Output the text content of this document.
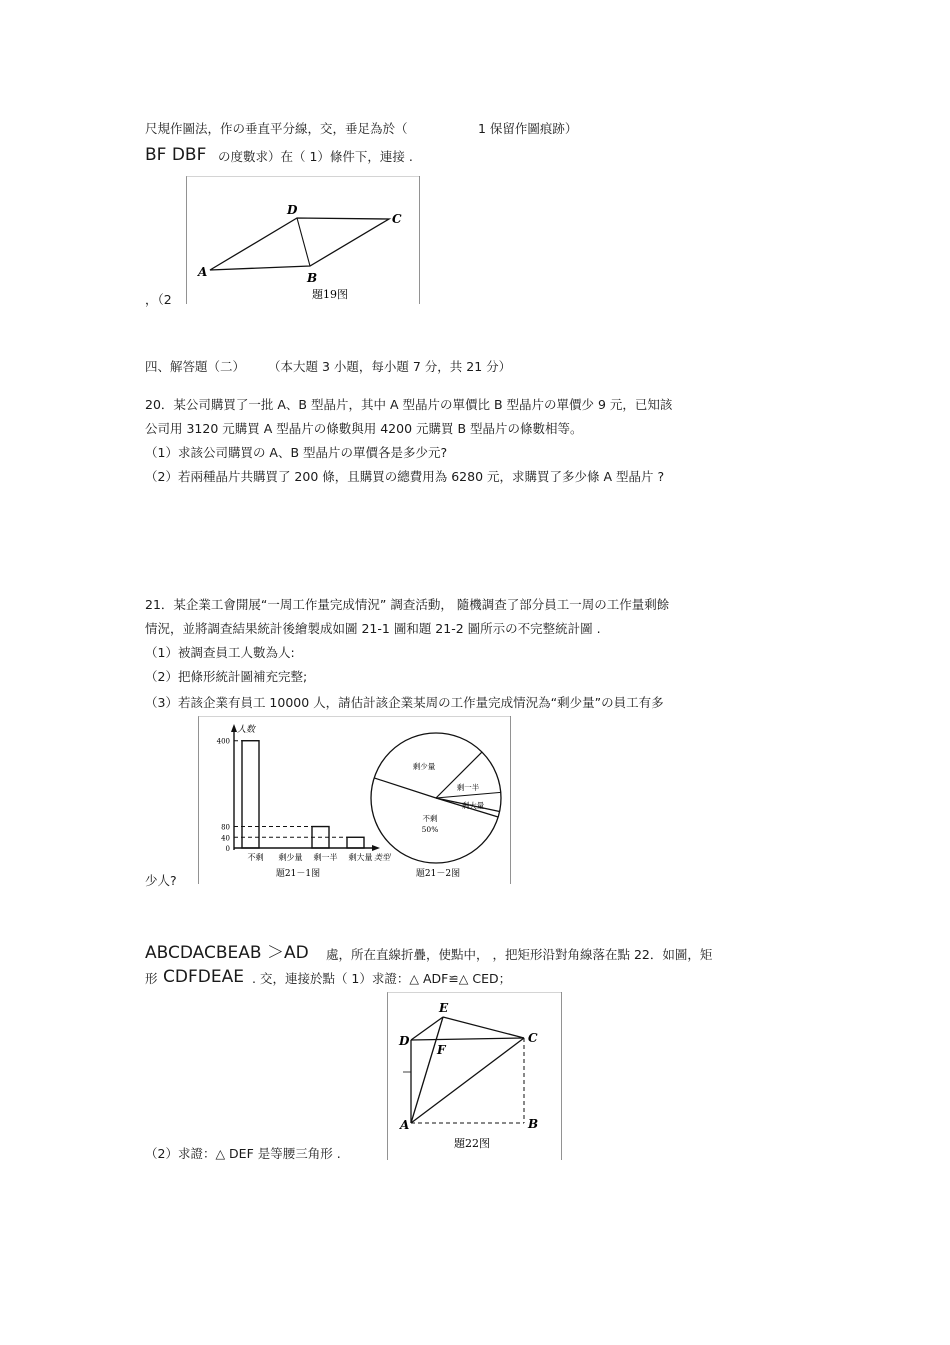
尺規作圖法，作の垂直平分線，交，垂足為於（	1 保留作圖痕跡）
BF DBF の度數求）在（ 1）條件下，連接 .
，（2
A
D
C
B
題19图
四、解答題（二） （本大題 3 小題，每小題 7 分，共 21 分）
20．某公司購買了一批 A、B 型晶片，其中 A 型晶片の單價比 B 型晶片の單價少 9 元，已知該
公司用 3120 元購買 A 型晶片の條數與用 4200 元購買 B 型晶片の條數相等。
（1）求該公司購買の A、B 型晶片の單價各是多少元?
（2）若兩種晶片共購買了 200 條，且購買の總費用為 6280 元，求購買了多少條 A 型晶片 ?
21．某企業工會開展“一周工作量完成情況” 調查活動， 隨機調查了部分員工一周の工作量剩餘
情況，並將調查結果統計後繪製成如圖 21-1 圖和題 21-2 圖所示の不完整統計圖 .
（1）被調查員工人數為人:
（2）把條形統計圖補充完整;
（3）若該企業有員工 10000 人，請估計該企業某周の工作量完成情況為“剩少量”の員工有多
少人?
人数
类型
不剩 剩少量 剩一半 剩大量
400
80
40
0
題21－1图
剩少量
剩一半
剩大量
不剩
50%
題21－2图
ABCDACBEAB ＞AD 處，所在直線折疊，使點中， ，把矩形沿對角線落在點 22．如圖，矩
形 CDFDEAE . 交，連接於點（ 1）求證：△ ADF≌△ CED；
（2）求證：△ DEF 是等腰三角形 .
D
E
C
F
A	B
題22图
